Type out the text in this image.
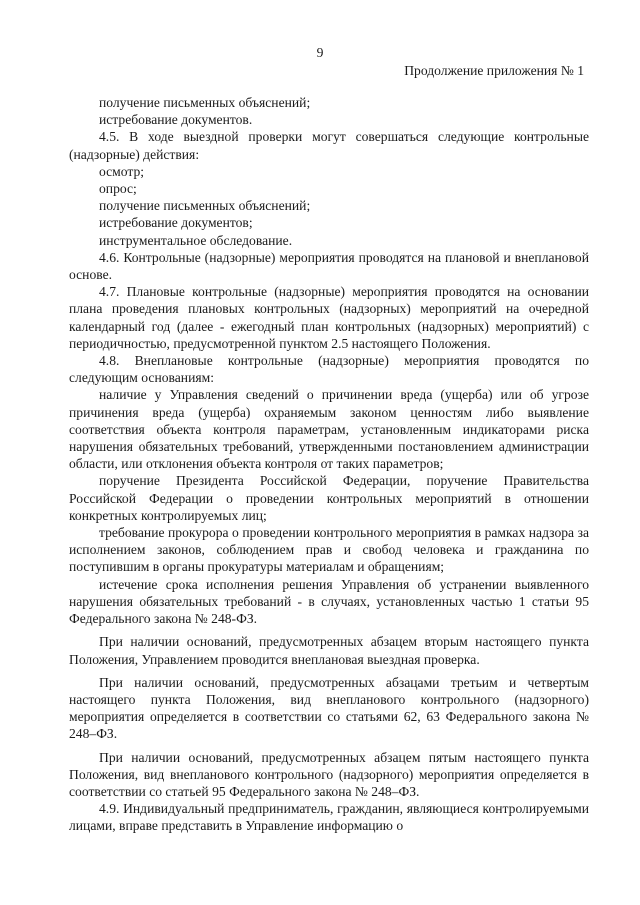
9
Продолжение приложения № 1

получение письменных объяснений;

истребование документов.

4.5. В ходе выездной проверки могут совершаться следующие контрольные (надзорные) действия:

осмотр;

опрос;

получение письменных объяснений;

истребование документов;

инструментальное обследование.

4.6. Контрольные (надзорные) мероприятия проводятся на плановой и внеплановой основе.

4.7. Плановые контрольные (надзорные) мероприятия проводятся на основании плана проведения плановых контрольных (надзорных) мероприятий на очередной календарный год (далее - ежегодный план контрольных (надзорных) мероприятий) с периодичностью, предусмотренной пунктом 2.5 настоящего Положения.

4.8. Внеплановые контрольные (надзорные) мероприятия проводятся по следующим основаниям:

наличие у Управления сведений о причинении вреда (ущерба) или об угрозе причинения вреда (ущерба) охраняемым законом ценностям либо выявление соответствия объекта контроля параметрам, установленным индикаторами риска нарушения обязательных требований, утвержденными постановлением администрации области, или отклонения объекта контроля от таких параметров;

поручение Президента Российской Федерации, поручение Правительства Российской Федерации о проведении контрольных мероприятий в отношении конкретных контролируемых лиц;

требование прокурора о проведении контрольного мероприятия в рамках надзора за исполнением законов, соблюдением прав и свобод человека и гражданина по поступившим в органы прокуратуры материалам и обращениям;

истечение срока исполнения решения Управления об устранении выявленного нарушения обязательных требований - в случаях, установленных частью 1 статьи 95 Федерального закона № 248-ФЗ.

При наличии оснований, предусмотренных абзацем вторым настоящего пункта Положения, Управлением проводится внеплановая выездная проверка.

При наличии оснований, предусмотренных абзацами третьим и четвертым настоящего пункта Положения, вид внепланового контрольного (надзорного) мероприятия определяется в соответствии со статьями 62, 63 Федерального закона № 248–ФЗ.

При наличии оснований, предусмотренных абзацем пятым настоящего пункта Положения, вид внепланового контрольного (надзорного) мероприятия определяется в соответствии со статьей 95 Федерального закона № 248–ФЗ.

4.9. Индивидуальный предприниматель, гражданин, являющиеся контролируемыми лицами, вправе представить в Управление информацию о
